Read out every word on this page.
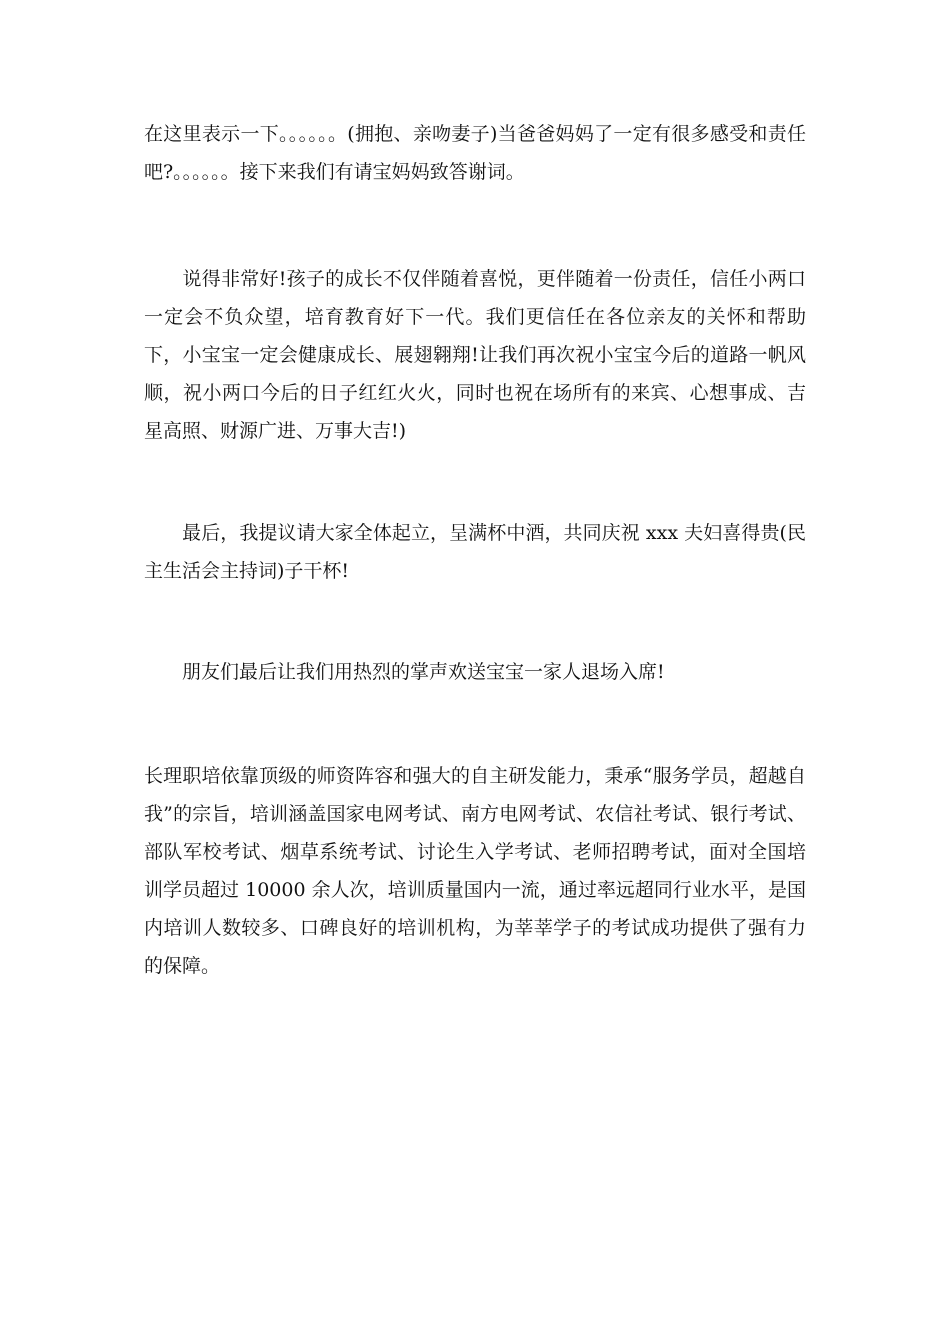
在这里表示一下。。。。。。(拥抱、亲吻妻子)当爸爸妈妈了一定有很多感受和责任吧?。。。。。。接下来我们有请宝妈妈致答谢词。

　　说得非常好!孩子的成长不仅伴随着喜悦，更伴随着一份责任，信任小两口一定会不负众望，培育教育好下一代。我们更信任在各位亲友的关怀和帮助下，小宝宝一定会健康成长、展翅翱翔!让我们再次祝小宝宝今后的道路一帆风顺，祝小两口今后的日子红红火火，同时也祝在场所有的来宾、心想事成、吉星高照、财源广进、万事大吉!)

　　最后，我提议请大家全体起立，呈满杯中酒，共同庆祝 xxx 夫妇喜得贵(民主生活会主持词)子干杯!

　　朋友们最后让我们用热烈的掌声欢送宝宝一家人退场入席!

长理职培依靠顶级的师资阵容和强大的自主研发能力，秉承“服务学员，超越自我”的宗旨，培训涵盖国家电网考试、南方电网考试、农信社考试、银行考试、部队军校考试、烟草系统考试、讨论生入学考试、老师招聘考试，面对全国培训学员超过 10000 余人次，培训质量国内一流，通过率远超同行业水平，是国内培训人数较多、口碑良好的培训机构，为莘莘学子的考试成功提供了强有力的保障。
